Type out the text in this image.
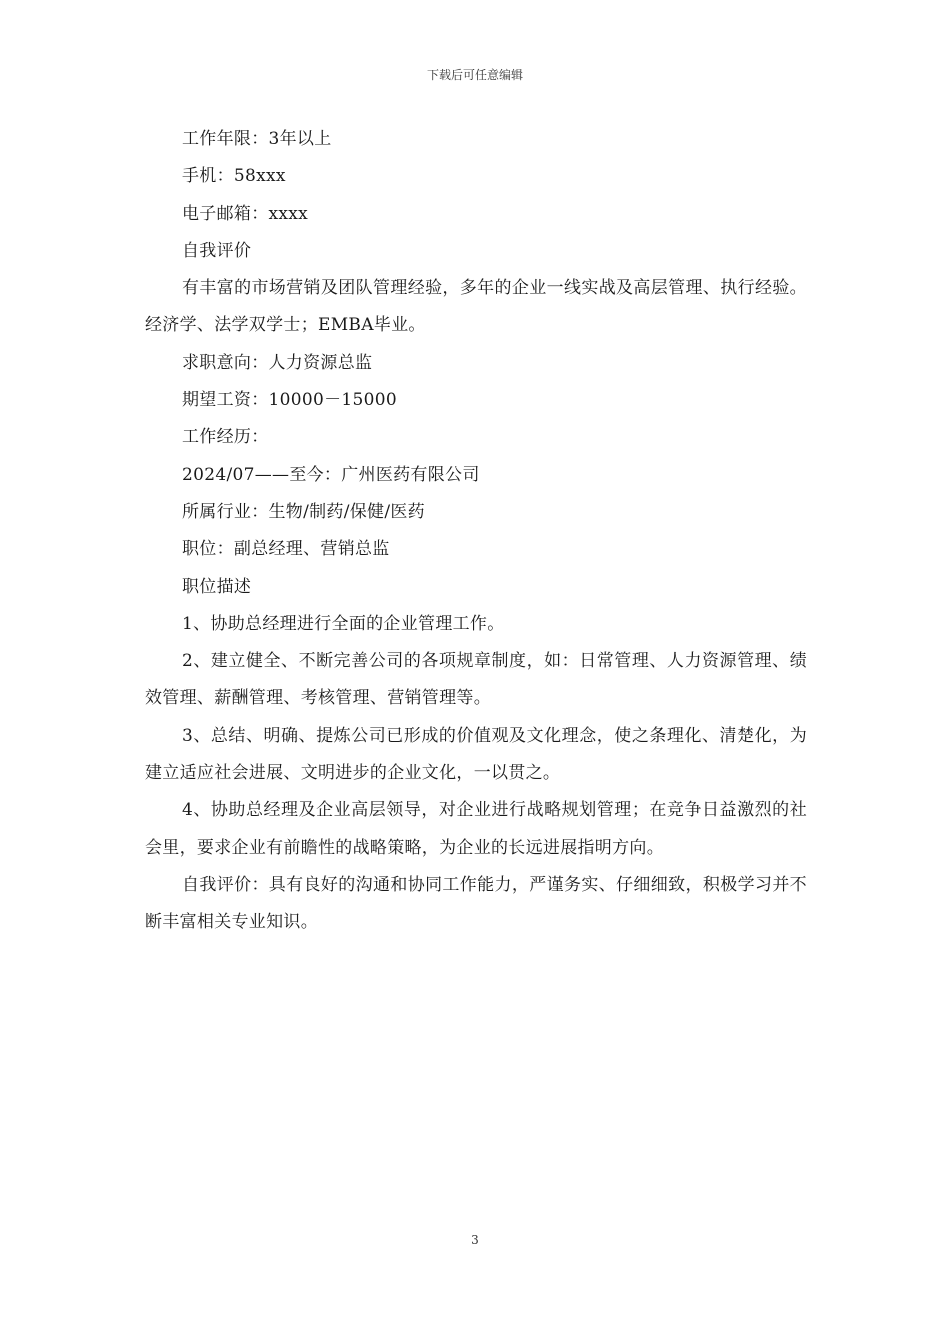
下载后可任意编辑

工作年限：3年以上

手机：58xxx

电子邮箱：xxxx

自我评价

有丰富的市场营销及团队管理经验，多年的企业一线实战及高层管理、执行经验。经济学、法学双学士；EMBA毕业。

求职意向：人力资源总监

期望工资：10000－15000

工作经历：

2024/07——至今：广州医药有限公司

所属行业：生物/制药/保健/医药

职位：副总经理、营销总监

职位描述

1、协助总经理进行全面的企业管理工作。

2、建立健全、不断完善公司的各项规章制度，如：日常管理、人力资源管理、绩效管理、薪酬管理、考核管理、营销管理等。

3、总结、明确、提炼公司已形成的价值观及文化理念，使之条理化、清楚化，为建立适应社会进展、文明进步的企业文化，一以贯之。

4、协助总经理及企业高层领导，对企业进行战略规划管理；在竞争日益激烈的社会里，要求企业有前瞻性的战略策略，为企业的长远进展指明方向。

自我评价：具有良好的沟通和协同工作能力，严谨务实、仔细细致，积极学习并不断丰富相关专业知识。

3
